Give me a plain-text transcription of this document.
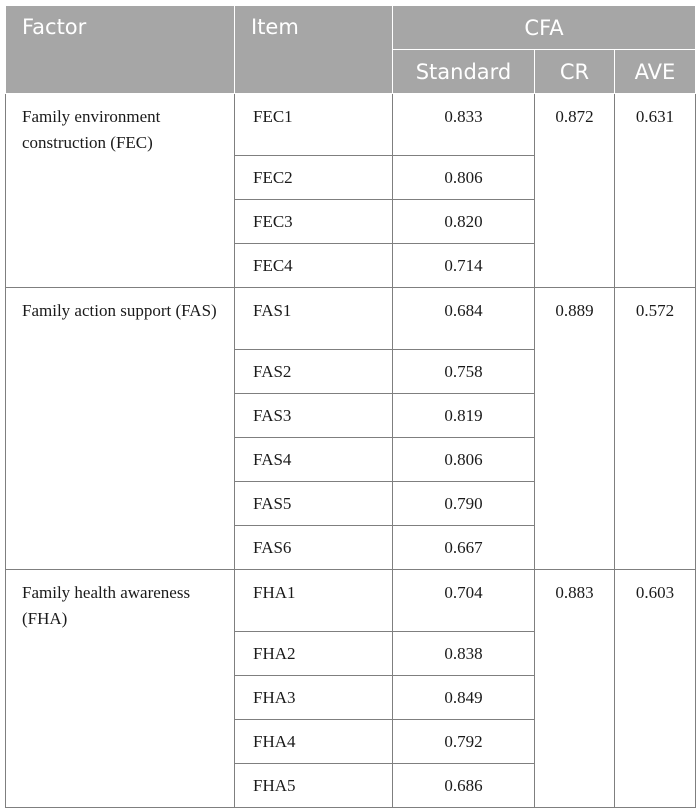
Factor	Item	CFA		
		Standard	CR	AVE
Family environment construction (FEC)	FEC1	0.833	0.872	0.631
	FEC2	0.806		
	FEC3	0.820		
	FEC4	0.714		
Family action support (FAS)	FAS1	0.684	0.889	0.572
	FAS2	0.758		
	FAS3	0.819		
	FAS4	0.806		
	FAS5	0.790		
	FAS6	0.667		
Family health awareness (FHA)	FHA1	0.704	0.883	0.603
	FHA2	0.838		
	FHA3	0.849		
	FHA4	0.792		
	FHA5	0.686		
